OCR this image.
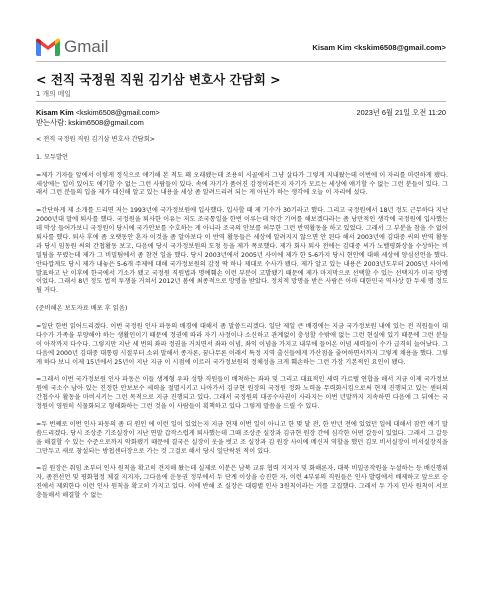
Gmail	Kisam Kim <kskim6508@gmail.com>
< 전직 국정원 직원 김기삼 변호사 간담회 >
1 개의 메일
Kisam Kim <kskim6508@gmail.com>	2023년 6월 21일 오전 11:20
받는사람: kskim6508@gmail.com

< 전직 국정원 직원 김기삼 변호사 간담회>

1. 모두발언

=제가 기자들 앞에서 이렇게 정식으로 얘기해 본 적도 꽤 오래됐는데 조용히 시골에서 그냥 살다가 그렇게 지내왔는데 이번에 이 자리를 마련하게 됐다. 세상에는 입이 있어도 얘기할 수 없는 그런 사람들이 있다. 속에 자기가 품어진 감정이라든지 자기가 모르는 세상에 얘기할 수 없는 그런 분들이 있다. 그래서 그런 분들의 입을 제가 대신해 알고 있는 내용을 세상 좀 알려드리려 되는 게 아닌가 하는 생각에 오늘 이 자리에 섰다.

=간단하게 제 소개를 드리면 저는 1993년에 국가정보원에 입사했다. 입사할 때 제 기수가 30기라고 했다. 그리고 국정원에서 18년 정도 근무하다 지난 2000년대 말에 퇴사를 했다. 국정원을 퇴사한 이유는 저도 조국통일을 한번 이루는데 약간 기여를 해보겠다라는 좀 낭만적인 생각에 국정원에 입사했는데 막상 들어가보니 국정원이 당시에 국가안보를 수호하는 게 아니라 조국의 안보를 허무한 그런 반역활동을 하고 있었다. 그래서 그 부분을 참을 수 없어 퇴사를 했다. 퇴사 후에 좀 오랫동안 혼자 이것을 좀 알아보다 이 반역 활동들은 세상에 알려지지 않으면 안 된다 해서 2003년에 김대중 씨의 반역 활동과 당시 임동원 씨의 간첩활동 보고, 다음에 당시 국가정보원의 도청 등을 제가 폭로했다. 제가 회사 퇴사 전에는 김대중 씨가 노벨평화상을 수상하는 비밀팀을 꾸렸는데 제가 그 비밀팀에서 좀 참견 일을 했다. 당시 2003년에서 2005년 사이에 제가 한 5-6가지 당시 현안에 대해 세상에 양심선언을 했다. 안타깝게도 당시 제가 내놓은 5-6개 주제에 대해 국가정보원의 감정 딱 하나 제대로 수사가 됐다. 제가 알고 있는 내용은 2003년도부터 2005년 사이에 발표하고 난 이후에 한국에서 기소가 됐고 국정원 직원법과 명예훼손 이런 부분이 고발됐기 때문에 제가 마지막으로 선택할 수 있는 선택지가 미국 망명이었다. 그래서 8년 정도 법적 투쟁을 거쳐서 2012년 봄에 최종적으로 망명을 받았다. 정치적 망명을 받은 사람은 아마 대한민국 역사상 한 두세 명 정도 될 거다.

(준비해온 보도자료 배포 후 읽음)

=일단 한번 읽어드리겠다. 이번 국정원 인사 파동의 배경에 대해서 좀 말씀드리겠다. 일단 제일 큰 배경에는 지금 국가정보원 내에 있는 전 직원들이 대다수가 가족을 부양해야 하는 생활인이기 때문에 정권에 따라 자기 사정이나 소신하고 관계없이 충성할 수밖에 없는 그런 현실에 있기 때문에 그런 분들이 아작까지 다수다. 그렇지만 지난 세 번의 좌파 정권을 거치면서 좌파 이념, 좌익 이념을 가지고 내부에 들어온 이념 세력들이 수가 급격히 늘어났다. 그 다음에 2000년 김대중 대통령 시절부터 소위 말해서 종자론, 꿈나무론 이래서 특정 지역 출신들에게 가산점을 줄여하면서까지 그렇게 채용을 했다. 그렇게 하다 보니 이제 15년에서 25년이 지난 지금 이 시점에 이르러 국가정보원의 정체성을 크게 훼손하는 그런 가장 기본적인 요인이 됐다.

=그래서 이번 국가정보원 인사 파동은 이들 생계형 우파 성향 직원들이 배척하는 좌파 및 그리고 대표적인 세력 카르텔 연합을 해서 지금 이제 국가정보원에 국소수 남아 있는 진정한 안보보수 세력을 절멸시키고 나아가서 김규현 원장의 국정원 정화 노력을 무력화시킴으로써 현재 진행되고 있는 센터의 간첩수사 활동을 마비시키는 그런 목적으로 지금 진행되고 있다. 그래서 국정원의 대공수사권이 사라지는 이번 년말까지 지속하면 다음에 그 뒤에는 국정원이 영원히 식물화되고 형해화하는 그런 것을 이 사람들이 획책하고 있다 그렇게 말씀을 드릴 수 있다.

=두 번째로 이번 인사 파동의 좀 더 원인 에 이런 일이 있었는지 지금 현재 이번 일이 아니고 한 몇 달 전, 한 반년 전에 있었던 일에 대해서 잠깐 얘기 말씀드리겠다. 당시 조상준 기조실장이 지난 연말 갑작스럽게 퇴사했는데 그때 조상준 실장과 김규현 원장 간에 심각한 어떤 갈등이 있었다. 그래서 그 갈등을 해결할 수 있는 수준으로까지 악화됐기 때문에 결국은 실장이 옷을 벗고 조 실장과 김 원장 사이에 메신저 역할을 했던 김모 비서실장이 비서실장직을 그만두고 새로 창설되는 방첩센터장으로 가는 것 그걸로 해서 당시 일단락된 적이 있다.

=김 원장은 취임 초부터 인사 원칙을 확고히 견지해 왔는데 실제로 이분은 남북 교류 협력 지지자 및 화해론자, 대북 비밀공작원을 누설하는 등 배신행위자, 좀전선언 및 평화협정 체결 지지자, 그다음에 운동권 정부에서 두 단계 이상을 승진한 자, 이런 4부류의 직원들은 인사 발령에서 배제하고 앞으로 승진에서 제외한다 이런 인사 원칙을 확고히 가지고 있다. 이에 반해 조 실장은 대령별 인사 3원칙이라는 거를 고집했다. 그래서 두 가지 인사 원칙이 서로 충돌해서 해결할 수 없는
